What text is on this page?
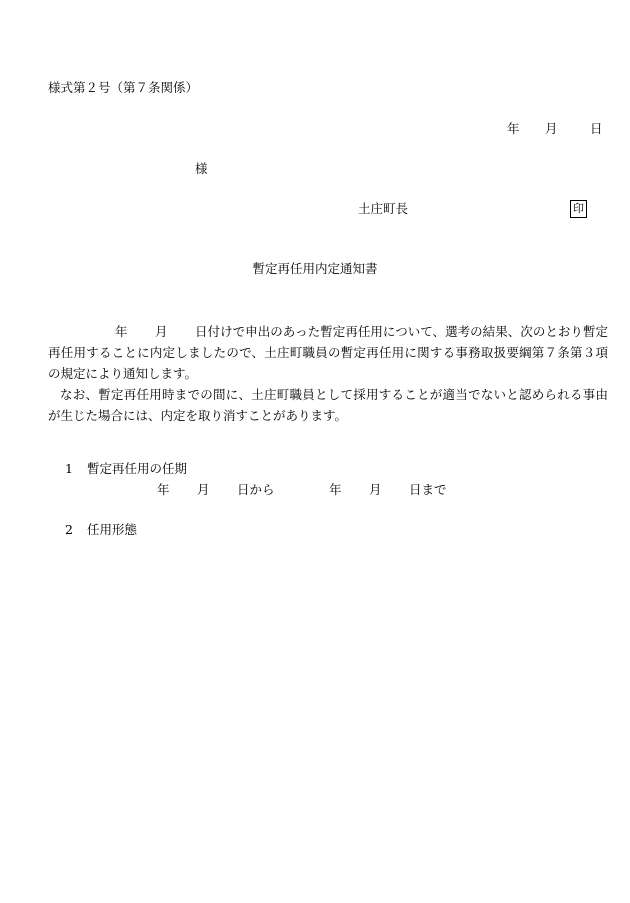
様式第２号（第７条関係）
年 月	日
様
土庄町長	印
暫定再任用内定通知書

年 月 日付けで申出のあった暫定再任用について、選考の結果、次のとおり暫定再任用することに内定しましたので、土庄町職員の暫定再任用に関する事務取扱要綱第７条第３項の規定により通知します。

なお、暫定再任用時までの間に、土庄町職員として採用することが適当でないと認められる事由が生じた場合には、内定を取り消すことがあります。

1 暫定再任用の任期
年 月 日から	年 月 日まで
2 任用形態
